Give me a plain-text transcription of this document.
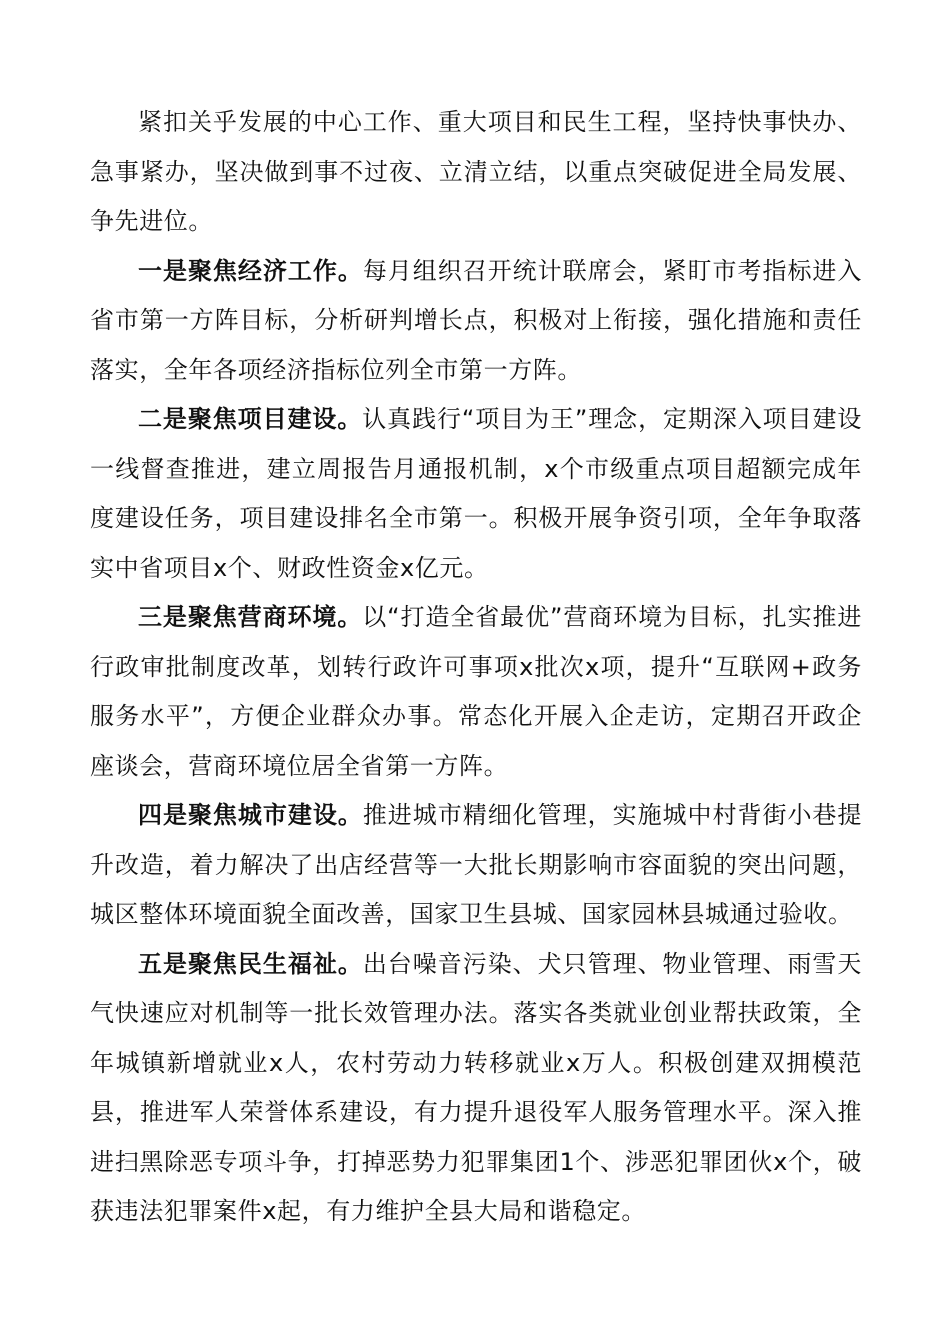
紧扣关乎发展的中心工作、重大项目和民生工程，坚持快事快办、急事紧办，坚决做到事不过夜、立清立结，以重点突破促进全局发展、争先进位。

一是聚焦经济工作。每月组织召开统计联席会，紧盯市考指标进入省市第一方阵目标，分析研判增长点，积极对上衔接，强化措施和责任落实，全年各项经济指标位列全市第一方阵。

二是聚焦项目建设。认真践行“项目为王”理念，定期深入项目建设一线督查推进，建立周报告月通报机制，x个市级重点项目超额完成年度建设任务，项目建设排名全市第一。积极开展争资引项，全年争取落实中省项目x个、财政性资金x亿元。

三是聚焦营商环境。以“打造全省最优”营商环境为目标，扎实推进行政审批制度改革，划转行政许可事项x批次x项，提升“互联网+政务服务水平”，方便企业群众办事。常态化开展入企走访，定期召开政企座谈会，营商环境位居全省第一方阵。

四是聚焦城市建设。推进城市精细化管理，实施城中村背街小巷提升改造，着力解决了出店经营等一大批长期影响市容面貌的突出问题，城区整体环境面貌全面改善，国家卫生县城、国家园林县城通过验收。

五是聚焦民生福祉。出台噪音污染、犬只管理、物业管理、雨雪天气快速应对机制等一批长效管理办法。落实各类就业创业帮扶政策，全年城镇新增就业x人，农村劳动力转移就业x万人。积极创建双拥模范县，推进军人荣誉体系建设，有力提升退役军人服务管理水平。深入推进扫黑除恶专项斗争，打掉恶势力犯罪集团1个、涉恶犯罪团伙x个，破获违法犯罪案件x起，有力维护全县大局和谐稳定。
